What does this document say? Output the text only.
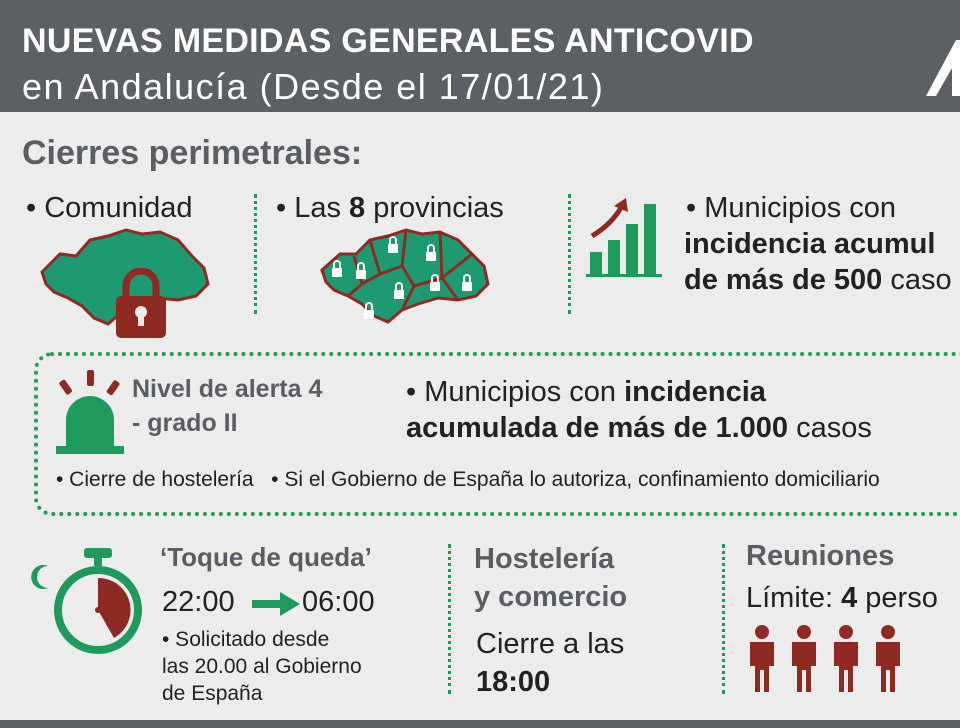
NUEVAS MEDIDAS GENERALES ANTICOVID
en Andalucía (Desde el 17/01/21)
Cierres perimetrales:
• Comunidad	• Las 8 provincias	• Municipios con
incidencia acumul
de más de 500 caso
Nivel de alerta 4
- grado II
• Municipios con incidencia
acumulada de más de 1.000 casos
• Cierre de hostelería • Si el Gobierno de España lo autoriza, confinamiento domiciliario
‘Toque de queda’
22:00 06:00
• Solicitado desde
las 20.00 al Gobierno
de España
Hostelería
y comercio
Cierre a las
18:00
Reuniones
Límite: 4 perso
